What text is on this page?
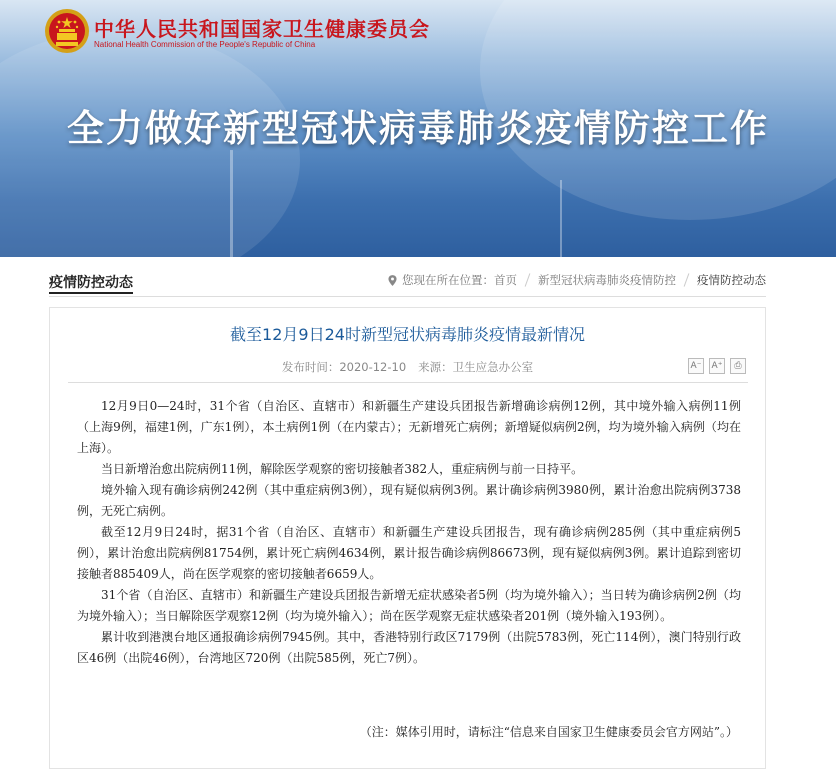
中华人民共和国国家卫生健康委员会
National Health Commission of the People's Republic of China
全力做好新型冠状病毒肺炎疫情防控工作
疫情防控动态	您现在所在位置： 首页 新型冠状病毒肺炎疫情防控 疫情防控动态
截至12月9日24时新型冠状病毒肺炎疫情最新情况
发布时间：2020-12-10 来源：卫生应急办公室	A⁻ A⁺	⎙

12月9日0—24时，31个省（自治区、直辖市）和新疆生产建设兵团报告新增确诊病例12例，其中境外输入病例11例（上海9例，福建1例，广东1例），本土病例1例（在内蒙古）；无新增死亡病例；新增疑似病例2例，均为境外输入病例（均在上海）。

当日新增治愈出院病例11例，解除医学观察的密切接触者382人，重症病例与前一日持平。

境外输入现有确诊病例242例（其中重症病例3例），现有疑似病例3例。累计确诊病例3980例，累计治愈出院病例3738例，无死亡病例。

截至12月9日24时，据31个省（自治区、直辖市）和新疆生产建设兵团报告，现有确诊病例285例（其中重症病例5例），累计治愈出院病例81754例，累计死亡病例4634例，累计报告确诊病例86673例，现有疑似病例3例。累计追踪到密切接触者885409人，尚在医学观察的密切接触者6659人。

31个省（自治区、直辖市）和新疆生产建设兵团报告新增无症状感染者5例（均为境外输入）；当日转为确诊病例2例（均为境外输入）；当日解除医学观察12例（均为境外输入）；尚在医学观察无症状感染者201例（境外输入193例）。

累计收到港澳台地区通报确诊病例7945例。其中，香港特别行政区7179例（出院5783例，死亡114例），澳门特别行政区46例（出院46例），台湾地区720例（出院585例，死亡7例）。

（注：媒体引用时，请标注“信息来自国家卫生健康委员会官方网站”。）
